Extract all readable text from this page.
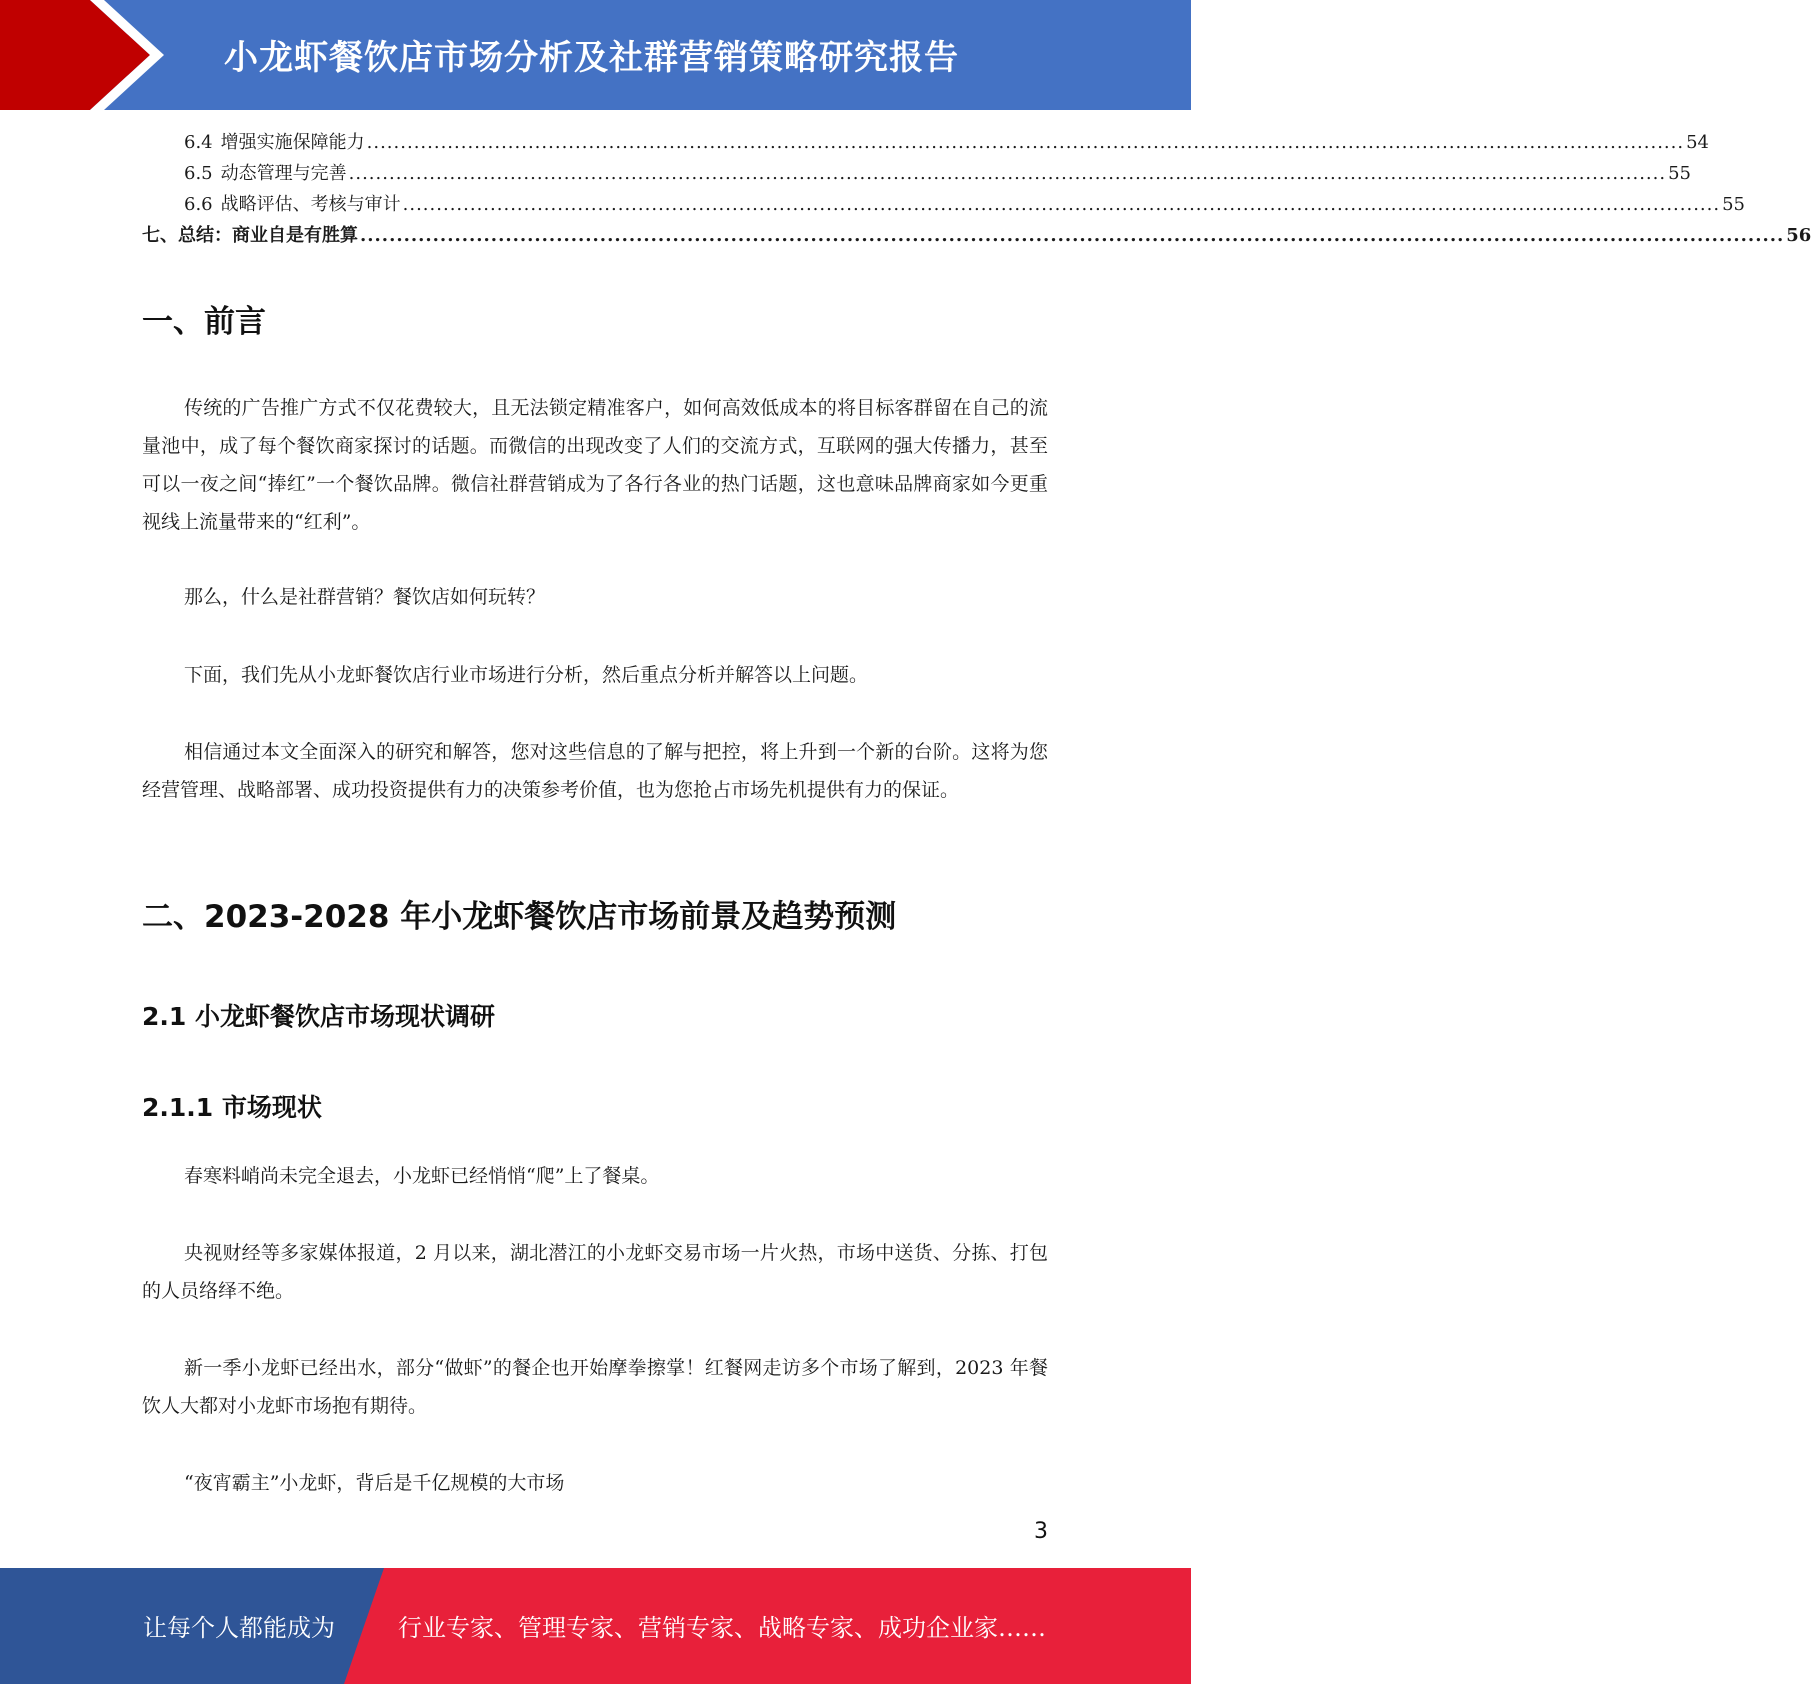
小龙虾餐饮店市场分析及社群营销策略研究报告
6.4 增强实施保障能力 .................................................................................................................................................................................................... 54
6.5 动态管理与完善 .................................................................................................................................................................................................... 55
6.6 战略评估、考核与审计 .................................................................................................................................................................................................... 55
七、总结：商业自是有胜算 .................................................................................................................................................................................................... 56
一、前言
传统的广告推广方式不仅花费较大，且无法锁定精准客户，如何高效低成本的将目标客群留在自己的流量池中，成了每个餐饮商家探讨的话题。而微信的出现改变了人们的交流方式，互联网的强大传播力，甚至可以一夜之间“捧红”一个餐饮品牌。微信社群营销成为了各行各业的热门话题，这也意味品牌商家如今更重视线上流量带来的“红利”。
那么，什么是社群营销？餐饮店如何玩转？
下面，我们先从小龙虾餐饮店行业市场进行分析，然后重点分析并解答以上问题。
相信通过本文全面深入的研究和解答，您对这些信息的了解与把控，将上升到一个新的台阶。这将为您经营管理、战略部署、成功投资提供有力的决策参考价值，也为您抢占市场先机提供有力的保证。
二、2023-2028 年小龙虾餐饮店市场前景及趋势预测
2.1 小龙虾餐饮店市场现状调研
2.1.1 市场现状
春寒料峭尚未完全退去，小龙虾已经悄悄“爬”上了餐桌。
央视财经等多家媒体报道，2 月以来，湖北潜江的小龙虾交易市场一片火热，市场中送货、分拣、打包的人员络绎不绝。
新一季小龙虾已经出水，部分“做虾”的餐企也开始摩拳擦掌！红餐网走访多个市场了解到，2023 年餐饮人大都对小龙虾市场抱有期待。
“夜宵霸主”小龙虾，背后是千亿规模的大市场
3
让每个人都能成为	行业专家、管理专家、营销专家、战略专家、成功企业家……
